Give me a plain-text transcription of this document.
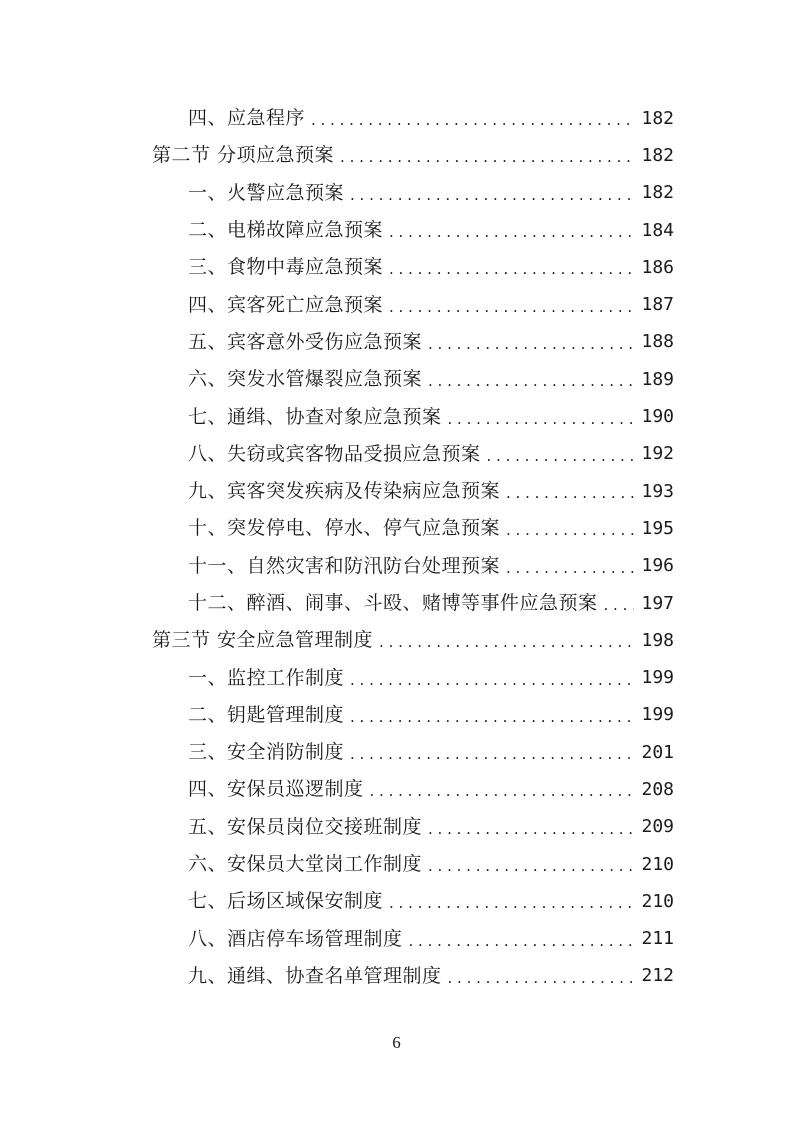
四、应急程序 . . .	182
第二节 分项应急预案 . . .	182
一、火警应急预案 . . .	182
二、电梯故障应急预案 . . .	184
三、食物中毒应急预案 . . .	186
四、宾客死亡应急预案 . . .	187
五、宾客意外受伤应急预案 . . .	188
六、突发水管爆裂应急预案 . . .	189
七、通缉、协查对象应急预案 . . .	190
八、失窃或宾客物品受损应急预案 . . .	192
九、宾客突发疾病及传染病应急预案 . . .	193
十、突发停电、停水、停气应急预案 . . .	195
十一、自然灾害和防汛防台处理预案 . . .	196
十二、醉酒、闹事、斗殴、赌博等事件应急预案 . . . 197
第三节 安全应急管理制度 . . .	198
一、监控工作制度 . . .	199
二、钥匙管理制度 . . .	199
三、安全消防制度 . . .	201
四、安保员巡逻制度 . . .	208
五、安保员岗位交接班制度 . . .	209
六、安保员大堂岗工作制度 . . .	210
七、后场区域保安制度 . . .	210
八、酒店停车场管理制度 . . .	211
九、通缉、协查名单管理制度 . . .	212
6
